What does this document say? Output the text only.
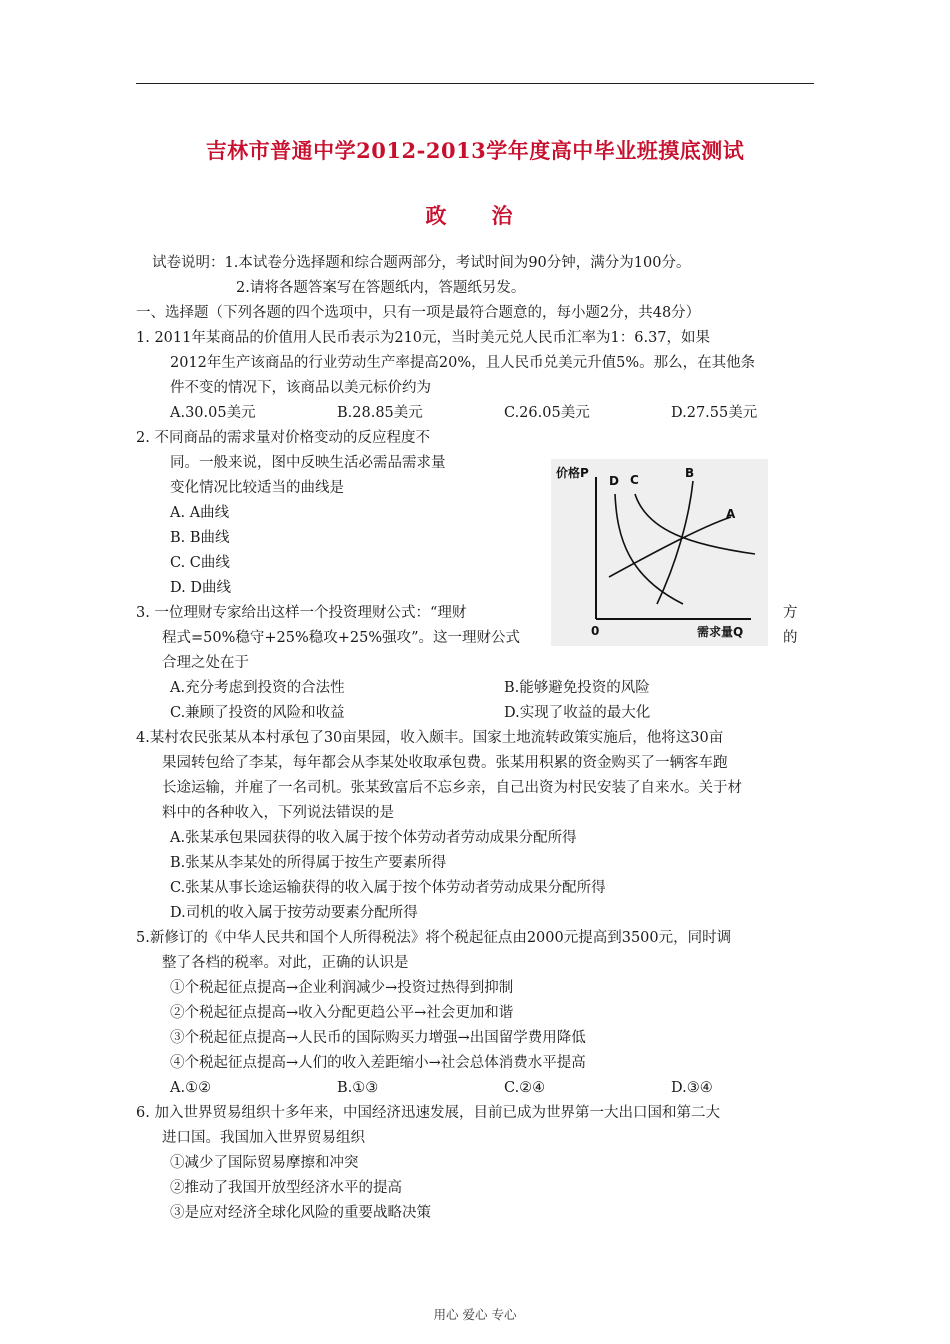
吉林市普通中学2012-2013学年度高中毕业班摸底测试
政　治
试卷说明：1.本试卷分选择题和综合题两部分，考试时间为90分钟，满分为100分。
2.请将各题答案写在答题纸内，答题纸另发。
一、选择题（下列各题的四个选项中，只有一项是最符合题意的，每小题2分，共48分）
1. 2011年某商品的价值用人民币表示为210元，当时美元兑人民币汇率为1：6.37，如果
2012年生产该商品的行业劳动生产率提高20%，且人民币兑美元升值5%。那么，在其他条
件不变的情况下，该商品以美元标价约为
A.30.05美元	B.28.85美元	C.26.05美元	D.27.55美元
2. 不同商品的需求量对价格变动的反应程度不
同。一般来说，图中反映生活必需品需求量
变化情况比较适当的曲线是
A. A曲线
B. B曲线
C. C曲线
D. D曲线
价格P
需求量Q
0
D C	B
A
3. 一位理财专家给出这样一个投资理财公式：“理财	方
程式=50%稳守+25%稳攻+25%强攻”。这一理财公式	的
合理之处在于
A.充分考虑到投资的合法性	B.能够避免投资的风险
C.兼顾了投资的风险和收益	D.实现了收益的最大化
4.某村农民张某从本村承包了30亩果园，收入颇丰。国家土地流转政策实施后，他将这30亩
果园转包给了李某，每年都会从李某处收取承包费。张某用积累的资金购买了一辆客车跑
长途运输，并雇了一名司机。张某致富后不忘乡亲，自己出资为村民安装了自来水。关于材
料中的各种收入，下列说法错误的是
A.张某承包果园获得的收入属于按个体劳动者劳动成果分配所得
B.张某从李某处的所得属于按生产要素所得
C.张某从事长途运输获得的收入属于按个体劳动者劳动成果分配所得
D.司机的收入属于按劳动要素分配所得
5.新修订的《中华人民共和国个人所得税法》将个税起征点由2000元提高到3500元，同时调
整了各档的税率。对此，正确的认识是
①个税起征点提高→企业利润减少→投资过热得到抑制
②个税起征点提高→收入分配更趋公平→社会更加和谐
③个税起征点提高→人民币的国际购买力增强→出国留学费用降低
④个税起征点提高→人们的收入差距缩小→社会总体消费水平提高
A.①②	B.①③	C.②④	D.③④
6. 加入世界贸易组织十多年来，中国经济迅速发展，目前已成为世界第一大出口国和第二大
进口国。我国加入世界贸易组织
①减少了国际贸易摩擦和冲突
②推动了我国开放型经济水平的提高
③是应对经济全球化风险的重要战略决策
用心 爱心 专心
